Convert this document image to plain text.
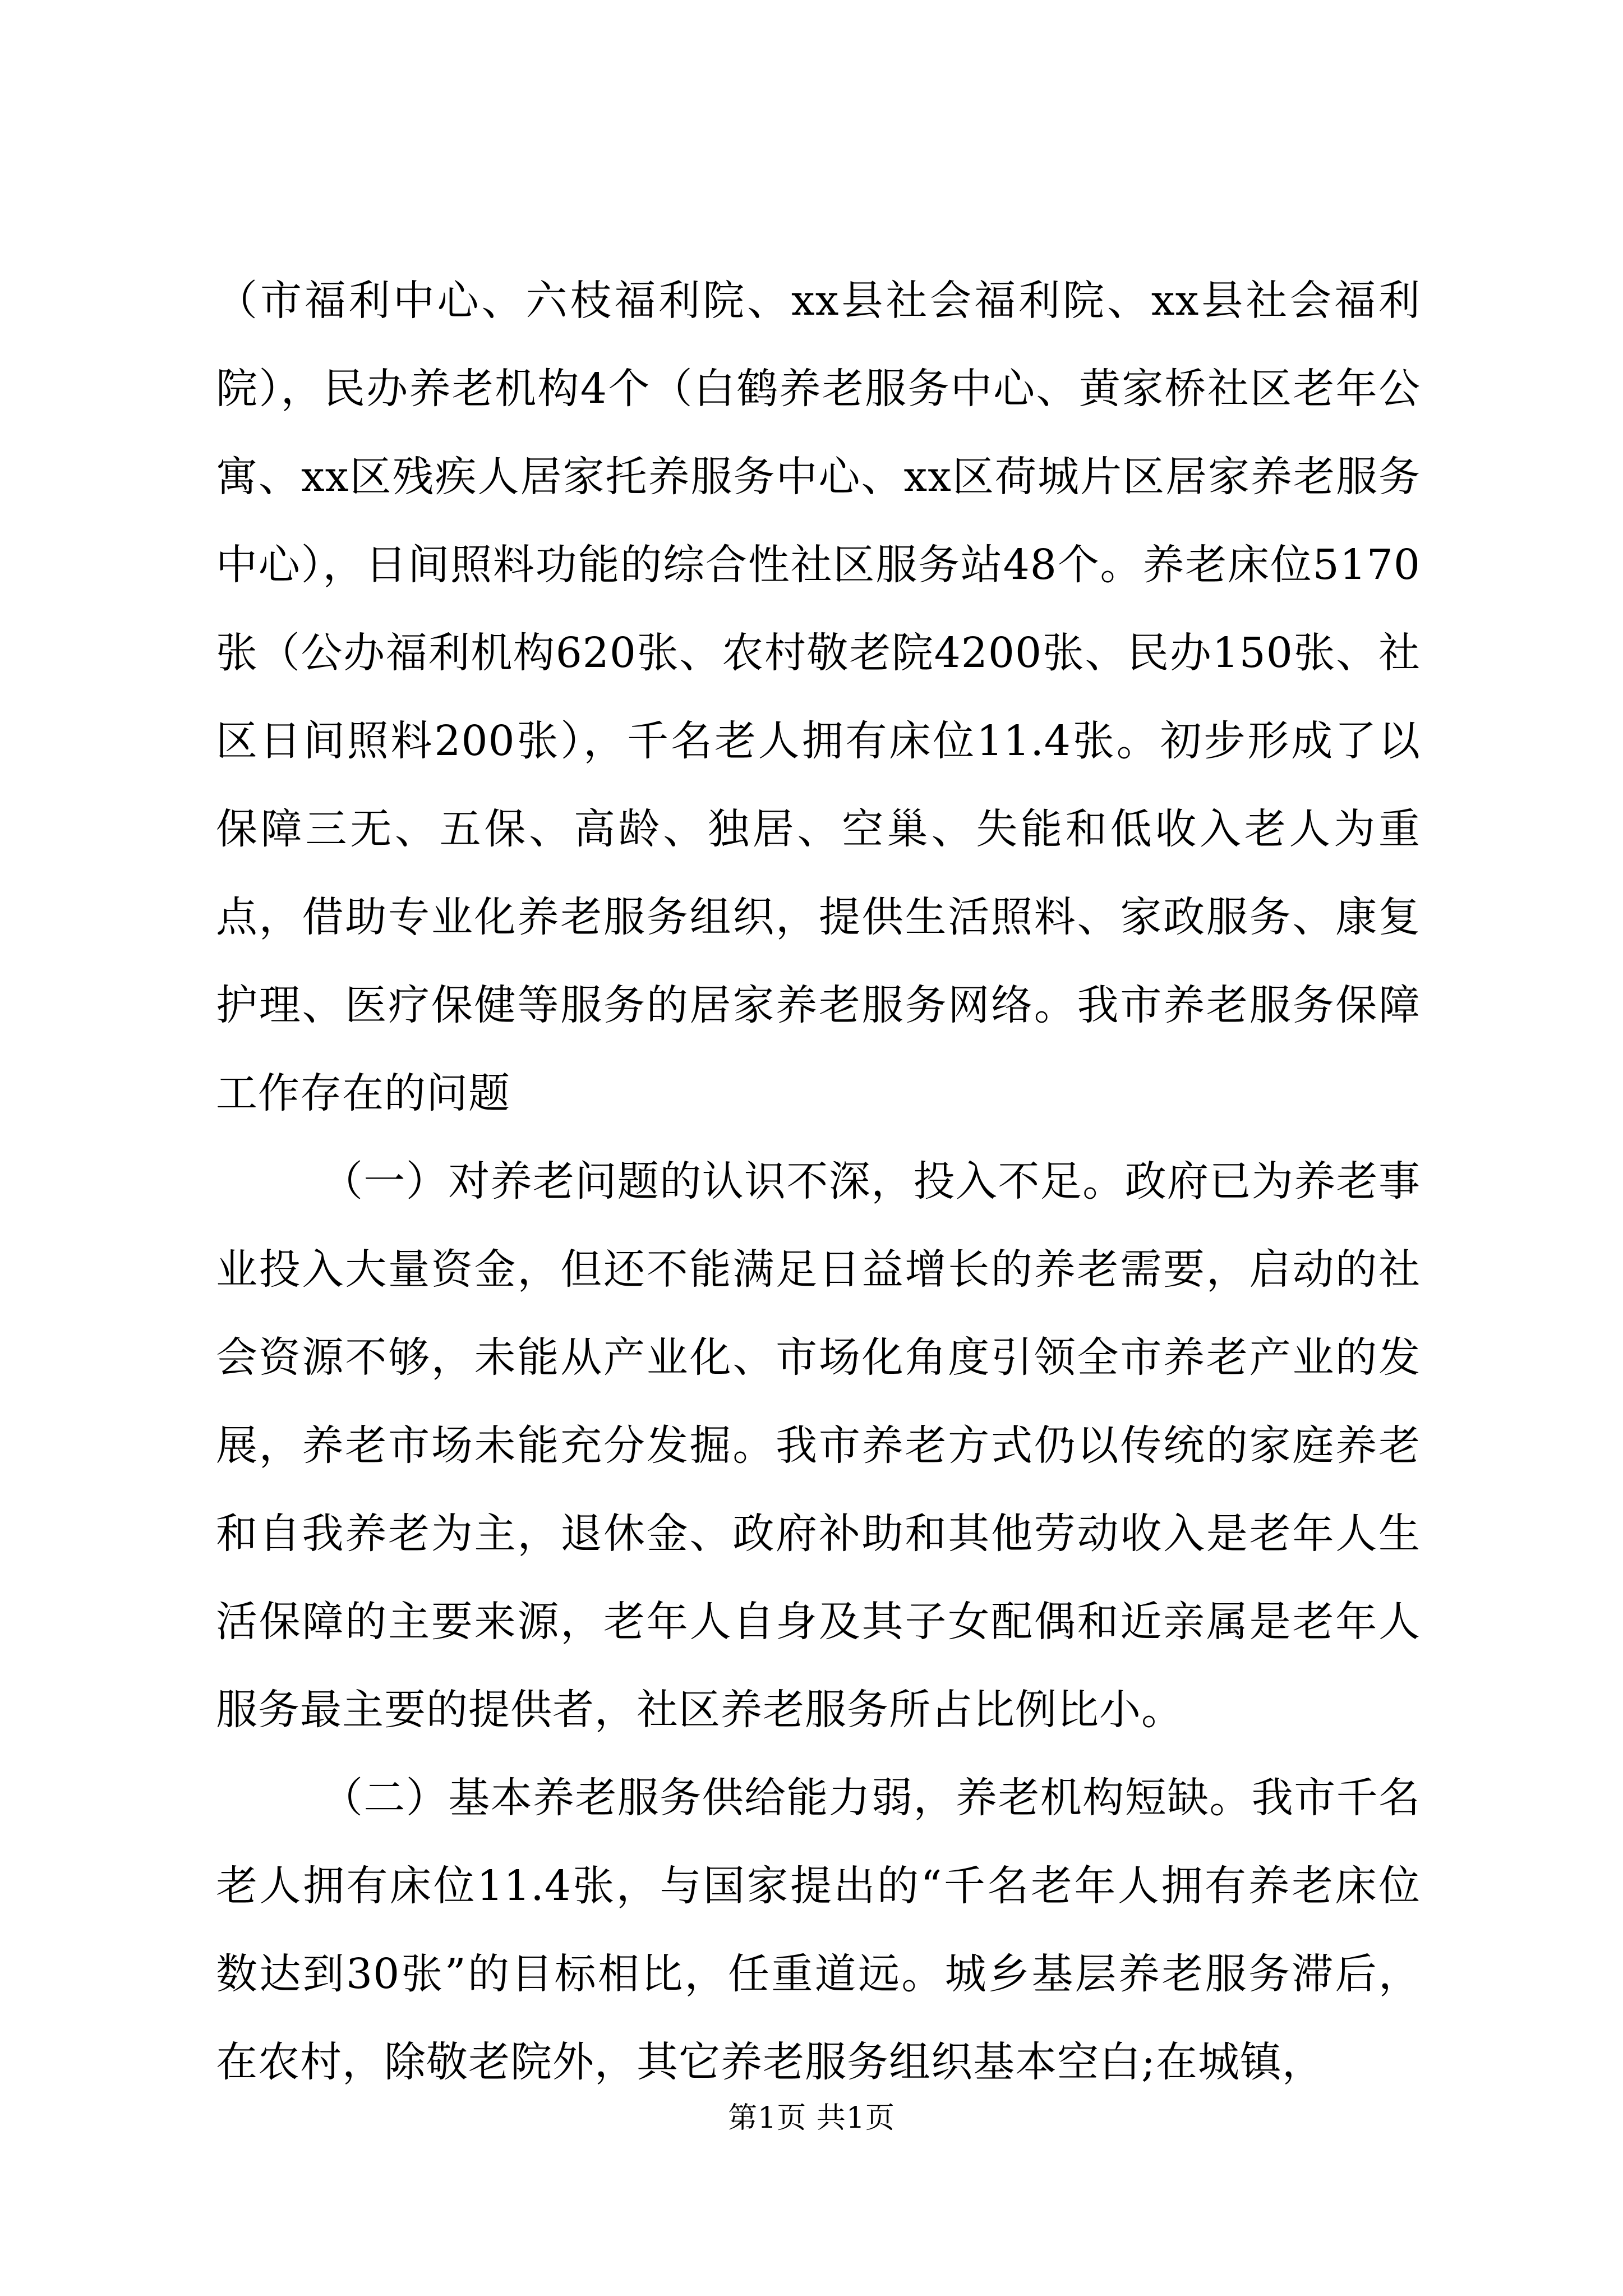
（市福利中心、六枝福利院、xx县社会福利院、xx县社会福利院），民办养老机构4个（白鹤养老服务中心、黄家桥社区老年公寓、xx区残疾人居家托养服务中心、xx区荷城片区居家养老服务中心），日间照料功能的综合性社区服务站48个。养老床位5170张（公办福利机构620张、农村敬老院4200张、民办150张、社区日间照料200张），千名老人拥有床位11.4张。初步形成了以保障三无、五保、高龄、独居、空巢、失能和低收入老人为重点，借助专业化养老服务组织，提供生活照料、家政服务、康复护理、医疗保健等服务的居家养老服务网络。我市养老服务保障工作存在的问题

（一）对养老问题的认识不深，投入不足。政府已为养老事业投入大量资金，但还不能满足日益增长的养老需要，启动的社会资源不够，未能从产业化、市场化角度引领全市养老产业的发展，养老市场未能充分发掘。我市养老方式仍以传统的家庭养老和自我养老为主，退休金、政府补助和其他劳动收入是老年人生活保障的主要来源，老年人自身及其子女配偶和近亲属是老年人服务最主要的提供者，社区养老服务所占比例比小。

（二）基本养老服务供给能力弱，养老机构短缺。我市千名老人拥有床位11.4张，与国家提出的“千名老年人拥有养老床位数达到30张”的目标相比，任重道远。城乡基层养老服务滞后，在农村，除敬老院外，其它养老服务组织基本空白;在城镇，

第1页 共1页
